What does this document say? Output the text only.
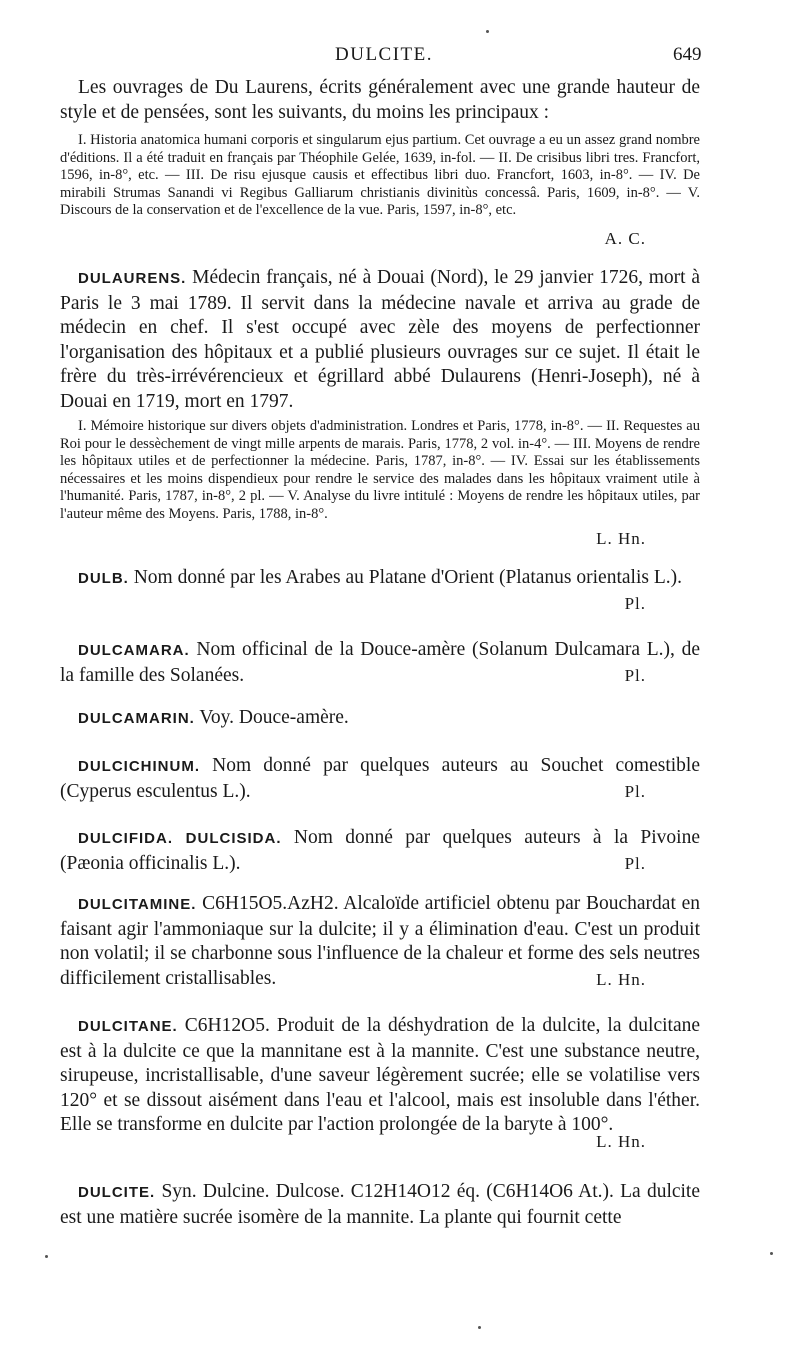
DULCITE.	649

Les ouvrages de Du Laurens, écrits généralement avec une grande hauteur de style et de pensées, sont les suivants, du moins les principaux :

I. Historia anatomica humani corporis et singularum ejus partium. Cet ouvrage a eu un assez grand nombre d'éditions. Il a été traduit en français par Théophile Gelée, 1639, in-fol. — II. De crisibus libri tres. Francfort, 1596, in-8°, etc. — III. De risu ejusque causis et effectibus libri duo. Francfort, 1603, in-8°. — IV. De mirabili Strumas Sanandi vi Regibus Galliarum christianis divinitùs concessâ. Paris, 1609, in-8°. — V. Discours de la conservation et de l'excellence de la vue. Paris, 1597, in-8°, etc.

A. C.

DULAURENS. Médecin français, né à Douai (Nord), le 29 janvier 1726, mort à Paris le 3 mai 1789. Il servit dans la médecine navale et arriva au grade de médecin en chef. Il s'est occupé avec zèle des moyens de perfectionner l'organisation des hôpitaux et a publié plusieurs ouvrages sur ce sujet. Il était le frère du très-irrévérencieux et égrillard abbé Dulaurens (Henri-Joseph), né à Douai en 1719, mort en 1797.

I. Mémoire historique sur divers objets d'administration. Londres et Paris, 1778, in-8°. — II. Requestes au Roi pour le dessèchement de vingt mille arpents de marais. Paris, 1778, 2 vol. in-4°. — III. Moyens de rendre les hôpitaux utiles et de perfectionner la médecine. Paris, 1787, in-8°. — IV. Essai sur les établissements nécessaires et les moins dispendieux pour rendre le service des malades dans les hôpitaux vraiment utile à l'humanité. Paris, 1787, in-8°, 2 pl. — V. Analyse du livre intitulé : Moyens de rendre les hôpitaux utiles, par l'auteur même des Moyens. Paris, 1788, in-8°.

L. Hn.

DULB. Nom donné par les Arabes au Platane d'Orient (Platanus orientalis L.).

Pl.

DULCAMARA. Nom officinal de la Douce-amère (Solanum Dulcamara L.), de la famille des Solanées.	Pl.

DULCAMARIN. Voy. Douce-amère.

DULCICHINUM. Nom donné par quelques auteurs au Souchet comestible (Cyperus esculentus L.).	Pl.

DULCIFIDA. DULCISIDA. Nom donné par quelques auteurs à la Pivoine (Pæonia officinalis L.).	Pl.

DULCITAMINE. C6H15O5.AzH2. Alcaloïde artificiel obtenu par Bouchardat en faisant agir l'ammoniaque sur la dulcite; il y a élimination d'eau. C'est un produit non volatil; il se charbonne sous l'influence de la chaleur et forme des sels neutres difficilement cristallisables.	L. Hn.

DULCITANE. C6H12O5. Produit de la déshydration de la dulcite, la dulcitane est à la dulcite ce que la mannitane est à la mannite. C'est une substance neutre, sirupeuse, incristallisable, d'une saveur légèrement sucrée; elle se volatilise vers 120° et se dissout aisément dans l'eau et l'alcool, mais est insoluble dans l'éther. Elle se transforme en dulcite par l'action prolongée de la baryte à 100°.

L. Hn.

DULCITE. Syn. Dulcine. Dulcose. C12H14O12 éq. (C6H14O6 At.). La dulcite est une matière sucrée isomère de la mannite. La plante qui fournit cette
